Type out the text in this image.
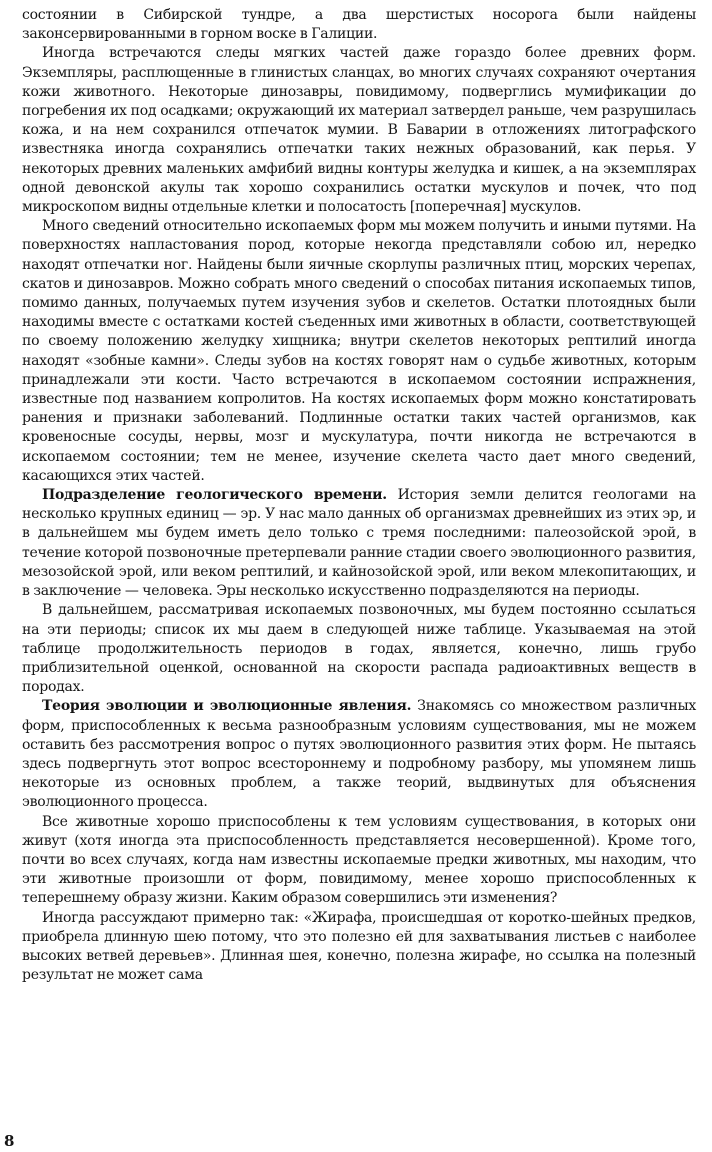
состоянии в Сибирской тундре, а два шерстистых носорога были найдены законсервированными в горном воске в Галиции.

Иногда встречаются следы мягких частей даже гораздо более древних форм. Экземпляры, расплющенные в глинистых сланцах, во многих случаях сохраняют очертания кожи животного. Некоторые динозавры, повидимому, подверглись мумификации до погребения их под осадками; окружающий их материал затвердел раньше, чем разрушилась кожа, и на нем сохранился отпечаток мумии. В Баварии в отложениях литографского известняка иногда сохранялись отпечатки таких нежных образований, как перья. У некоторых древних маленьких амфибий видны контуры желудка и кишек, а на экземплярах одной девонской акулы так хорошо сохранились остатки мускулов и почек, что под микроскопом видны отдельные клетки и полосатость [поперечная] мускулов.

Много сведений относительно ископаемых форм мы можем получить и иными путями. На поверхностях напластования пород, которые некогда представляли собою ил, нередко находят отпечатки ног. Найдены были яичные скорлупы различных птиц, морских черепах, скатов и динозавров. Можно собрать много сведений о способах питания ископаемых типов, помимо данных, получаемых путем изучения зубов и скелетов. Остатки плотоядных были находимы вместе с остатками костей съеденных ими животных в области, соответствующей по своему положению желудку хищника; внутри скелетов некоторых рептилий иногда находят «зобные камни». Следы зубов на костях говорят нам о судьбе животных, которым принадлежали эти кости. Часто встречаются в ископаемом состоянии испражнения, известные под названием копролитов. На костях ископаемых форм можно констатировать ранения и признаки заболеваний. Подлинные остатки таких частей организмов, как кровеносные сосуды, нервы, мозг и мускулатура, почти никогда не встречаются в ископаемом состоянии; тем не менее, изучение скелета часто дает много сведений, касающихся этих частей.

Подразделение геологического времени. История земли делится геологами на несколько крупных единиц — эр. У нас мало данных об организмах древнейших из этих эр, и в дальнейшем мы будем иметь дело только с тремя последними: палеозойской эрой, в течение которой позвоночные претерпевали ранние стадии своего эволюционного развития, мезозойской эрой, или веком рептилий, и кайнозойской эрой, или веком млекопитающих, и в заключение — человека. Эры несколько искусственно подразделяются на периоды.

В дальнейшем, рассматривая ископаемых позвоночных, мы будем постоянно ссылаться на эти периоды; список их мы даем в следующей ниже таблице. Указываемая на этой таблице продолжительность периодов в годах, является, конечно, лишь грубо приблизительной оценкой, основанной на скорости распада радиоактивных веществ в породах.

Теория эволюции и эволюционные явления. Знакомясь со множеством различных форм, приспособленных к весьма разнообразным условиям существования, мы не можем оставить без рассмотрения вопрос о путях эволюционного развития этих форм. Не пытаясь здесь подвергнуть этот вопрос всестороннему и подробному разбору, мы упомянем лишь некоторые из основных проблем, а также теорий, выдвинутых для объяснения эволюционного процесса.

Все животные хорошо приспособлены к тем условиям существования, в которых они живут (хотя иногда эта приспособленность представляется несовершенной). Кроме того, почти во всех случаях, когда нам известны ископаемые предки животных, мы находим, что эти животные произошли от форм, повидимому, менее хорошо приспособленных к теперешнему образу жизни. Каким образом совершились эти изменения?

Иногда рассуждают примерно так: «Жирафа, происшедшая от коротко-шейных предков, приобрела длинную шею потому, что это полезно ей для захватывания листьев с наиболее высоких ветвей деревьев». Длинная шея, конечно, полезна жирафе, но ссылка на полезный результат не может сама

8
